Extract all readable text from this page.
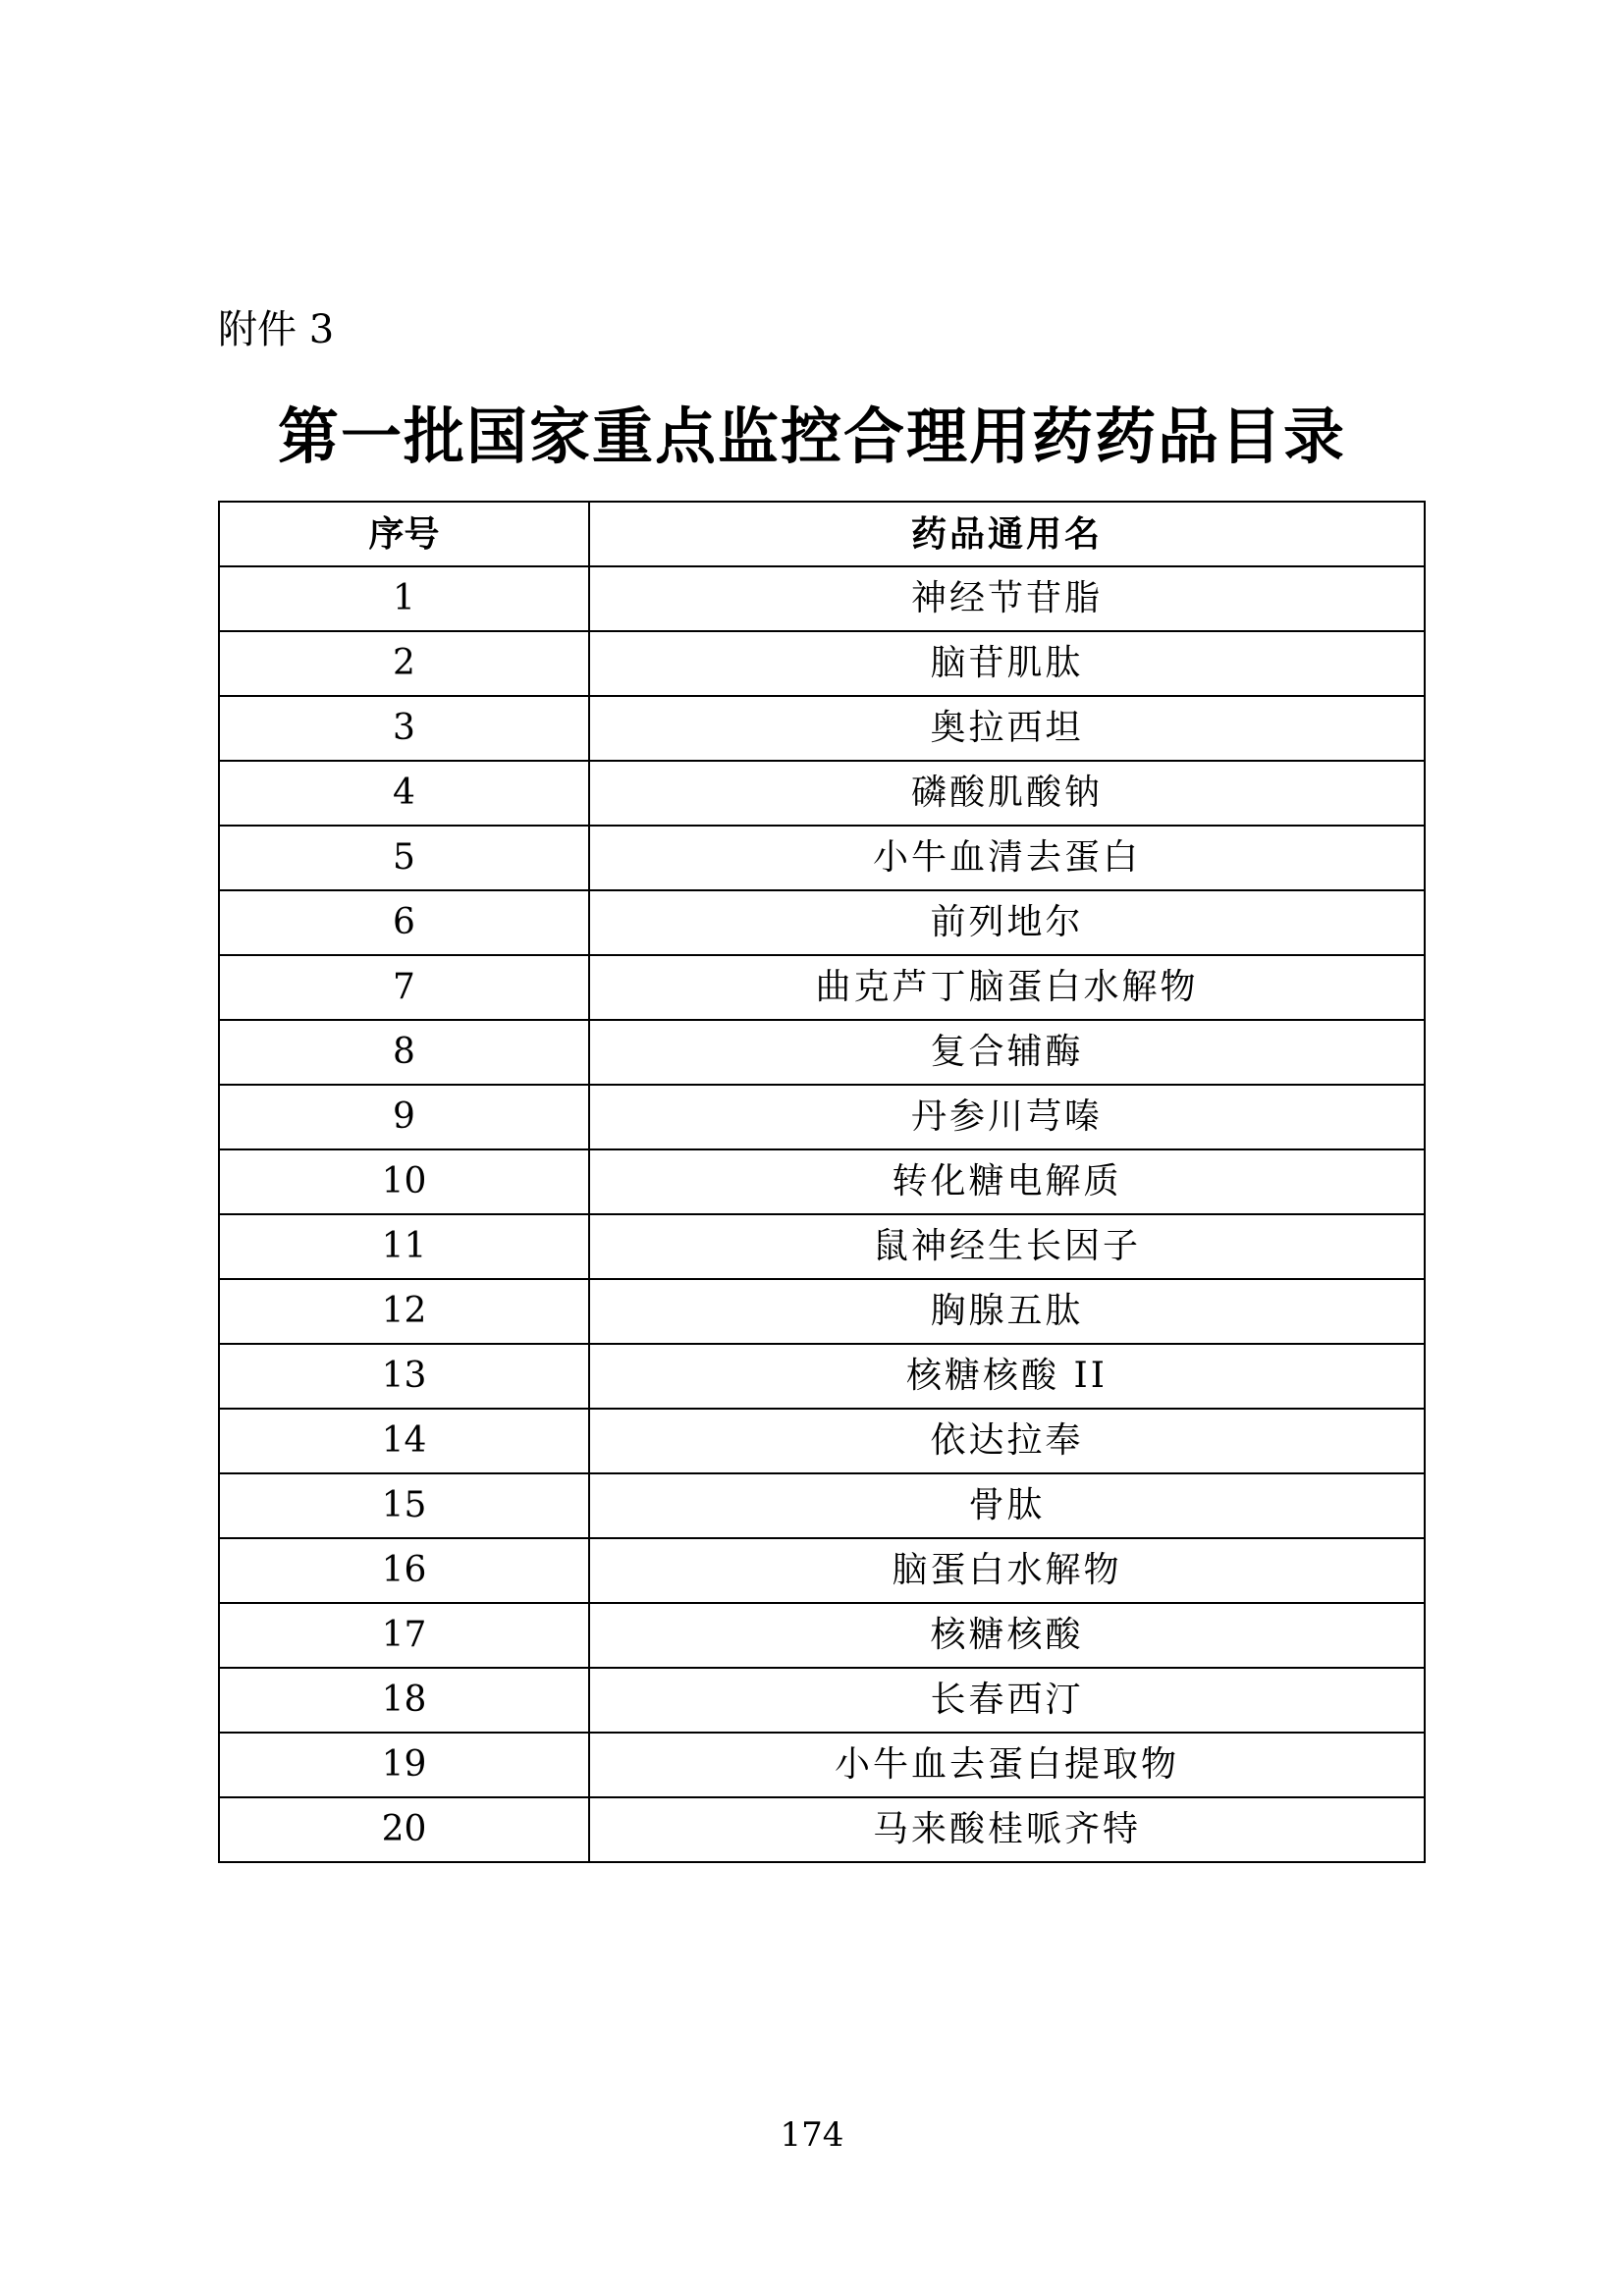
附件 3
第一批国家重点监控合理用药药品目录
序号	药品通用名
1	神经节苷脂
2	脑苷肌肽
3	奥拉西坦
4	磷酸肌酸钠
5	小牛血清去蛋白
6	前列地尔
7	曲克芦丁脑蛋白水解物
8	复合辅酶
9	丹参川芎嗪
10	转化糖电解质
11	鼠神经生长因子
12	胸腺五肽
13	核糖核酸 II
14	依达拉奉
15	骨肽
16	脑蛋白水解物
17	核糖核酸
18	长春西汀
19	小牛血去蛋白提取物
20	马来酸桂哌齐特
174
